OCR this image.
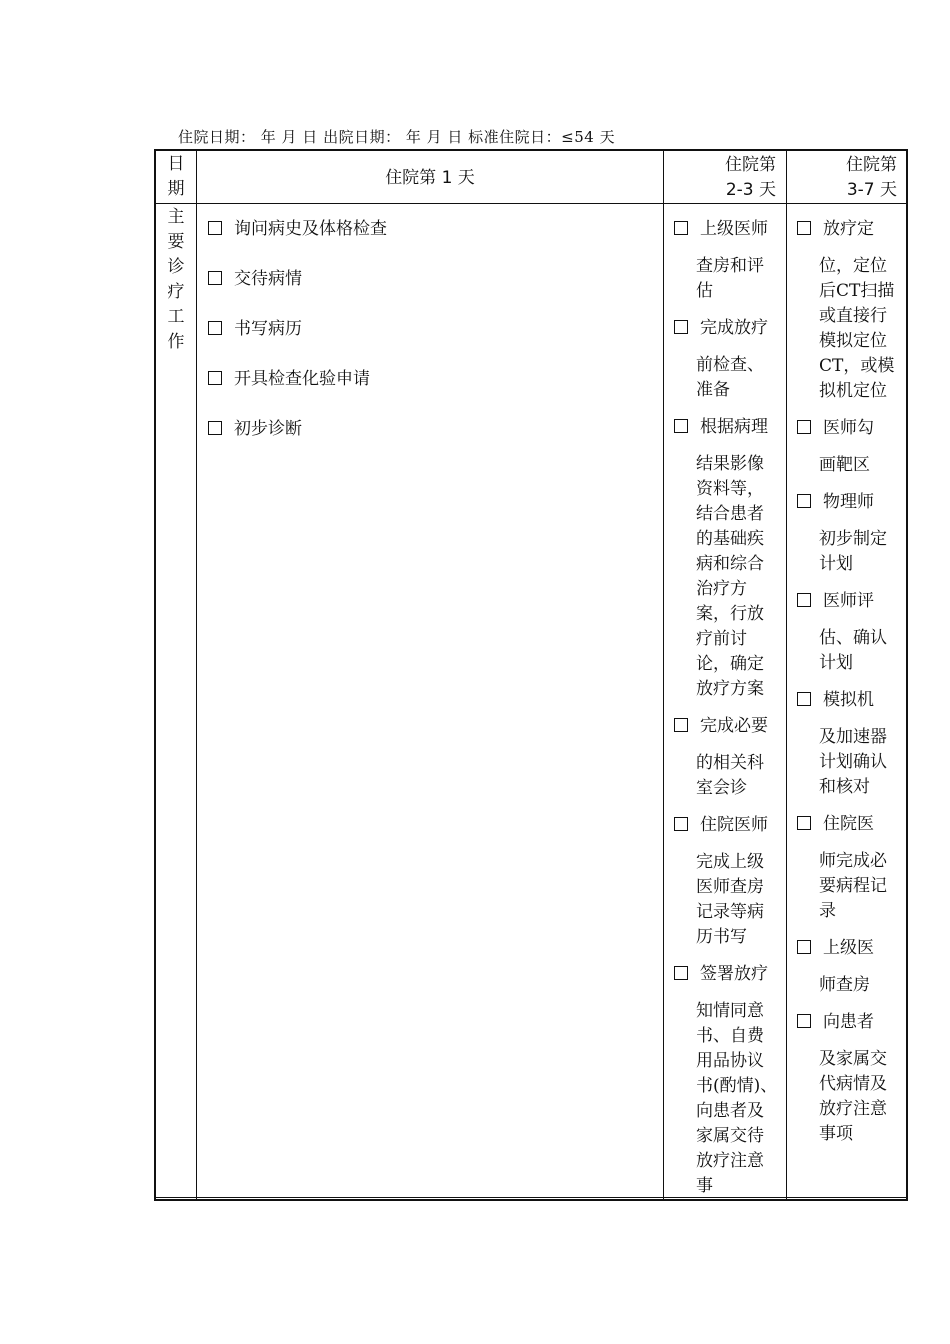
住院日期： 年 月 日 出院日期： 年 月 日 标准住院日：≤54 天
日期
住院第 1 天
住院第
2-3 天
住院第
3-7 天
主要诊疗工作
询问病史及体格检查
交待病情
书写病历
开具检查化验申请
初步诊断
上级医师
查房和评估
完成放疗
前检查、准备
根据病理
结果影像资料等，结合患者的基础疾病和综合治疗方案，行放疗前讨论，确定放疗方案
完成必要
的相关科室会诊
住院医师
完成上级医师查房记录等病历书写
签署放疗
知情同意书、自费用品协议书(酌情)、向患者及家属交待放疗注意事
放疗定
位，定位后CT扫描或直接行模拟定位CT，或模拟机定位
医师勾
画靶区
物理师
初步制定计划
医师评
估、确认计划
模拟机
及加速器计划确认和核对
住院医
师完成必要病程记录
上级医
师查房
向患者
及家属交代病情及放疗注意事项
